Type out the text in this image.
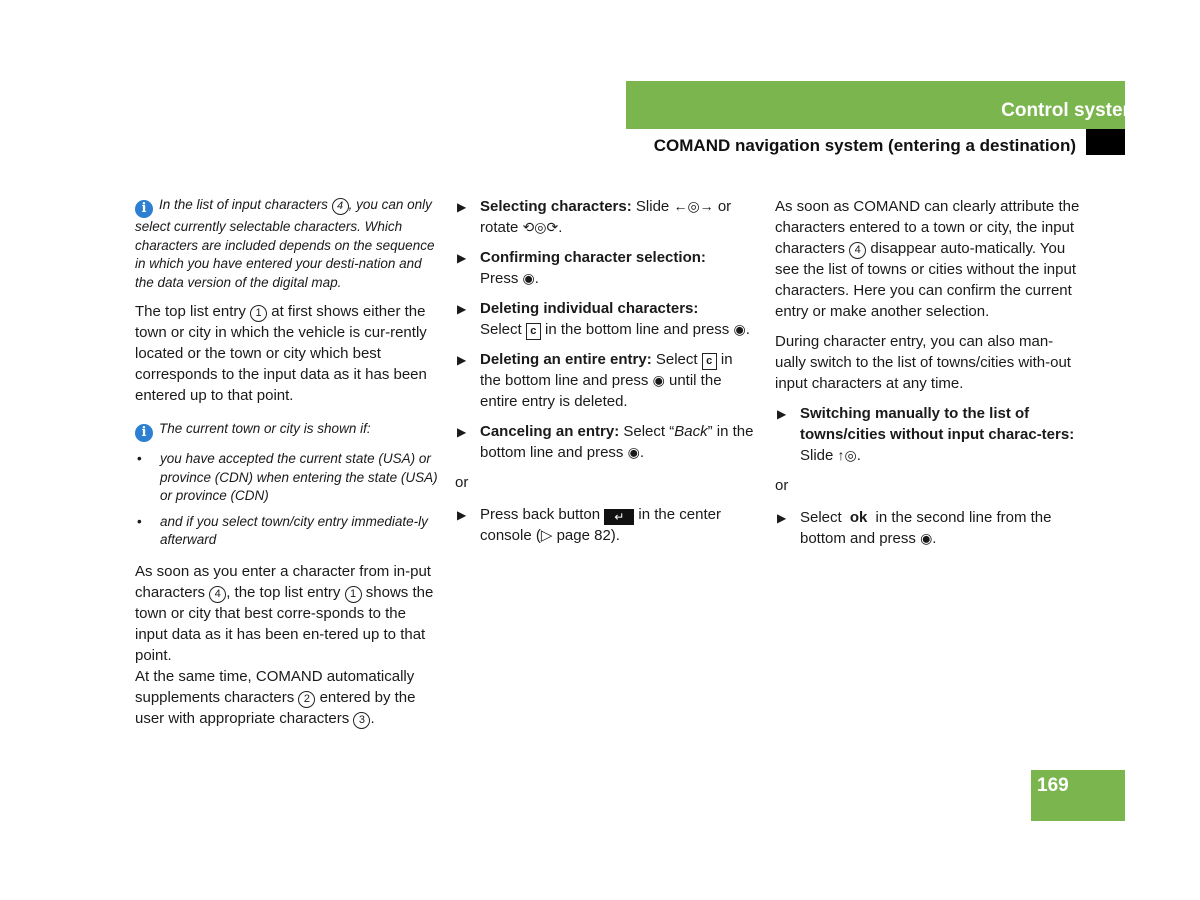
Control systems
COMAND navigation system (entering a destination)
i In the list of input characters 4 , you can only select currently selectable characters. Which characters are included depends on the sequence in which you have entered your desti-nation and the data version of the digital map.

The top list entry 1 at first shows either the town or city in which the vehicle is cur-rently located or the town or city which best corresponds to the input data as it has been entered up to that point.

i The current town or city is shown if:
• you have accepted the current state (USA) or province (CDN) when entering the state (USA) or province (CDN)
• and if you select town/city entry immediate-ly afterward

As soon as you enter a character from in-put characters 4 , the top list entry 1 shows the town or city that best corre-sponds to the input data as it has been en-tered up to that point.
At the same time, COMAND automatically supplements characters 2 entered by the user with appropriate characters 3 .

▶ Selecting characters: Slide ←◎→ or rotate ⟲◎⟳.
▶ Confirming character selection:
Press ◉.
▶ Deleting individual characters:
Select c in the bottom line and press ◉.
▶ Deleting an entire entry: Select c in the bottom line and press ◉ until the entire entry is deleted.
▶ Canceling an entry: Select “Back” in the bottom line and press ◉.
or
▶ Press back button ↵ in the center console (▷ page 82).

As soon as COMAND can clearly attribute the characters entered to a town or city, the input characters 4 disappear auto-matically. You see the list of towns or cities without the input characters. Here you can confirm the current entry or make another selection.

During character entry, you can also man-ually switch to the list of towns/cities with-out input characters at any time.

▶ Switching manually to the list of towns/cities without input charac-ters: Slide ↑◎.
or
▶ Select ok in the second line from the bottom and press ◉.
169
